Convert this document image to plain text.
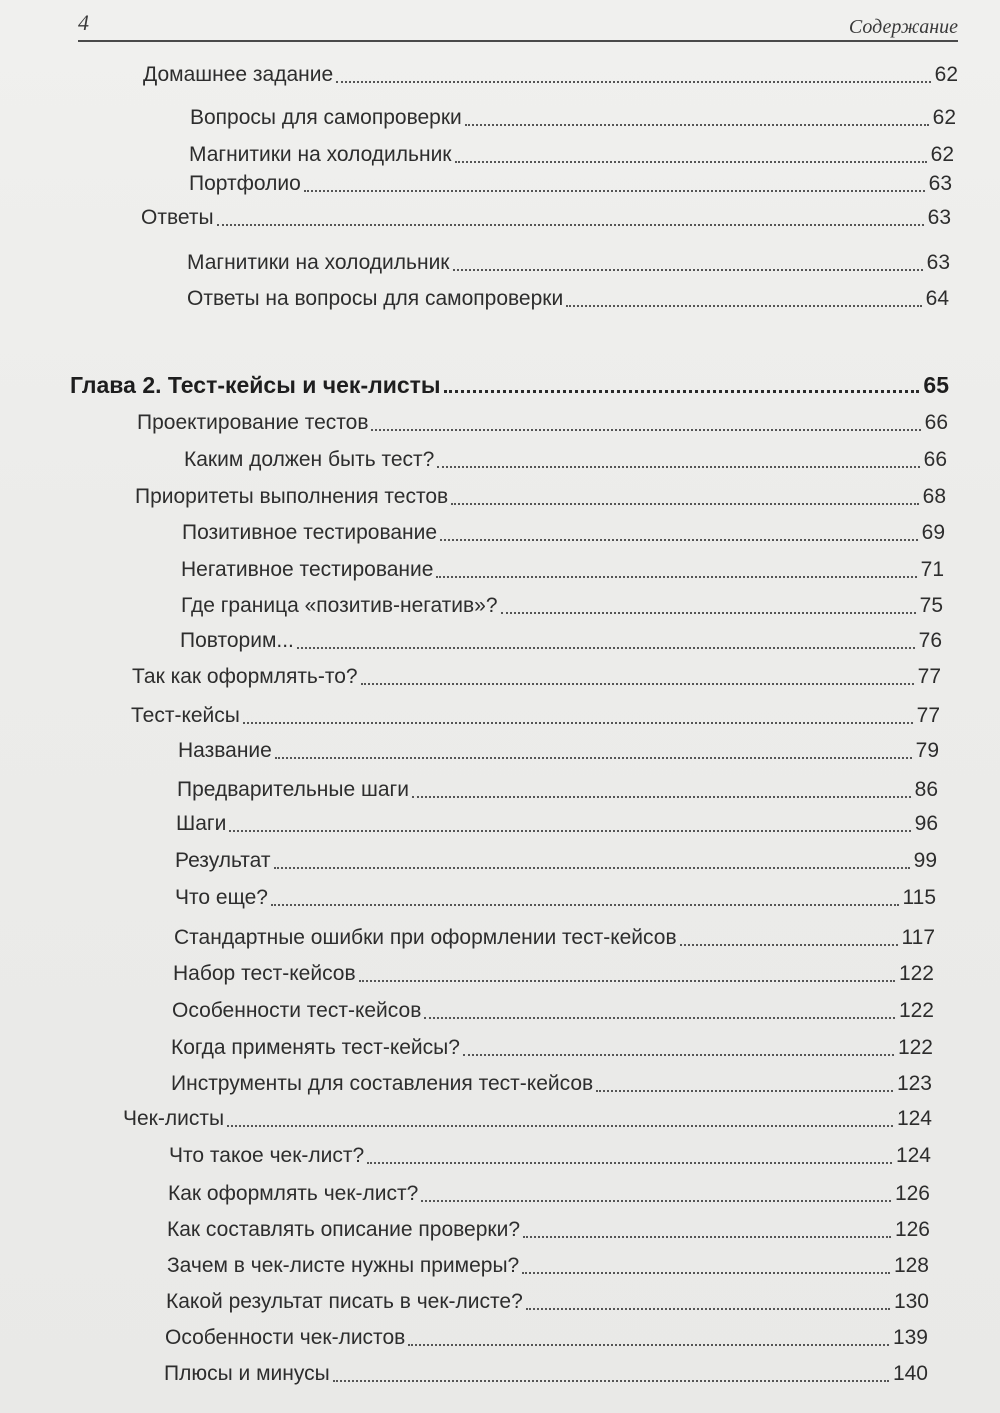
4	Содержание
Домашнее задание	62
Вопросы для самопроверки	62
Магнитики на холодильник	62
Портфолио	63
Ответы	63
Магнитики на холодильник	63
Ответы на вопросы для самопроверки	64
Глава 2. Тест-кейсы и чек-листы	65
Проектирование тестов	66
Каким должен быть тест?	66
Приоритеты выполнения тестов	68
Позитивное тестирование	69
Негативное тестирование	71
Где граница «позитив-негатив»?	75
Повторим...	76
Так как оформлять-то?	77
Тест-кейсы	77
Название	79
Предварительные шаги	86
Шаги	96
Результат	99
Что еще?	115
Стандартные ошибки при оформлении тест-кейсов	117
Набор тест-кейсов	122
Особенности тест-кейсов	122
Когда применять тест-кейсы?	122
Инструменты для составления тест-кейсов	123
Чек-листы	124
Что такое чек-лист?	124
Как оформлять чек-лист?	126
Как составлять описание проверки?	126
Зачем в чек-листе нужны примеры?	128
Какой результат писать в чек-листе?	130
Особенности чек-листов	139
Плюсы и минусы	140
